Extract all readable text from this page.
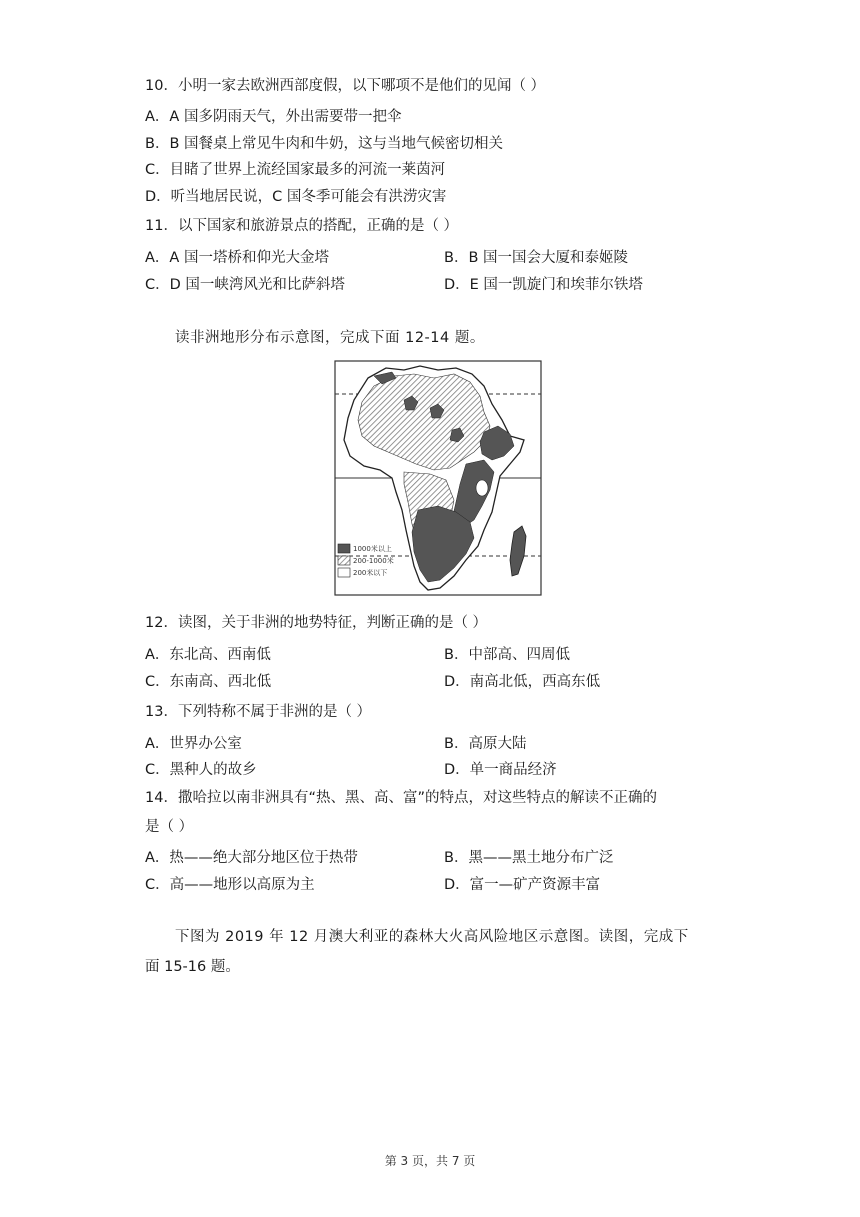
10．小明一家去欧洲西部度假，以下哪项不是他们的见闻（ ）
A．A 国多阴雨天气，外出需要带一把伞
B．B 国餐桌上常见牛肉和牛奶，这与当地气候密切相关
C．目睹了世界上流经国家最多的河流一莱茵河
D．听当地居民说，C 国冬季可能会有洪涝灾害
11．以下国家和旅游景点的搭配，正确的是（ ）
A．A 国一塔桥和仰光大金塔	B．B 国一国会大厦和泰姬陵
C．D 国一峡湾风光和比萨斜塔	D．E 国一凯旋门和埃菲尔铁塔
读非洲地形分布示意图，完成下面 12-14 题。
1000米以上
200-1000米
200米以下
12．读图，关于非洲的地势特征，判断正确的是（ ）
A．东北高、西南低	B．中部高、四周低
C．东南高、西北低	D．南高北低，西高东低
13．下列特称不属于非洲的是（ ）
A．世界办公室	B．高原大陆
C．黑种人的故乡	D．单一商品经济
14．撒哈拉以南非洲具有“热、黑、高、富”的特点，对这些特点的解读不正确的
是（ ）
A．热——绝大部分地区位于热带	B．黑——黑土地分布广泛
C．高——地形以高原为主	D．富一—矿产资源丰富
下图为 2019 年 12 月澳大利亚的森林大火高风险地区示意图。读图，完成下
面 15-16 题。
第 3 页，共 7 页
